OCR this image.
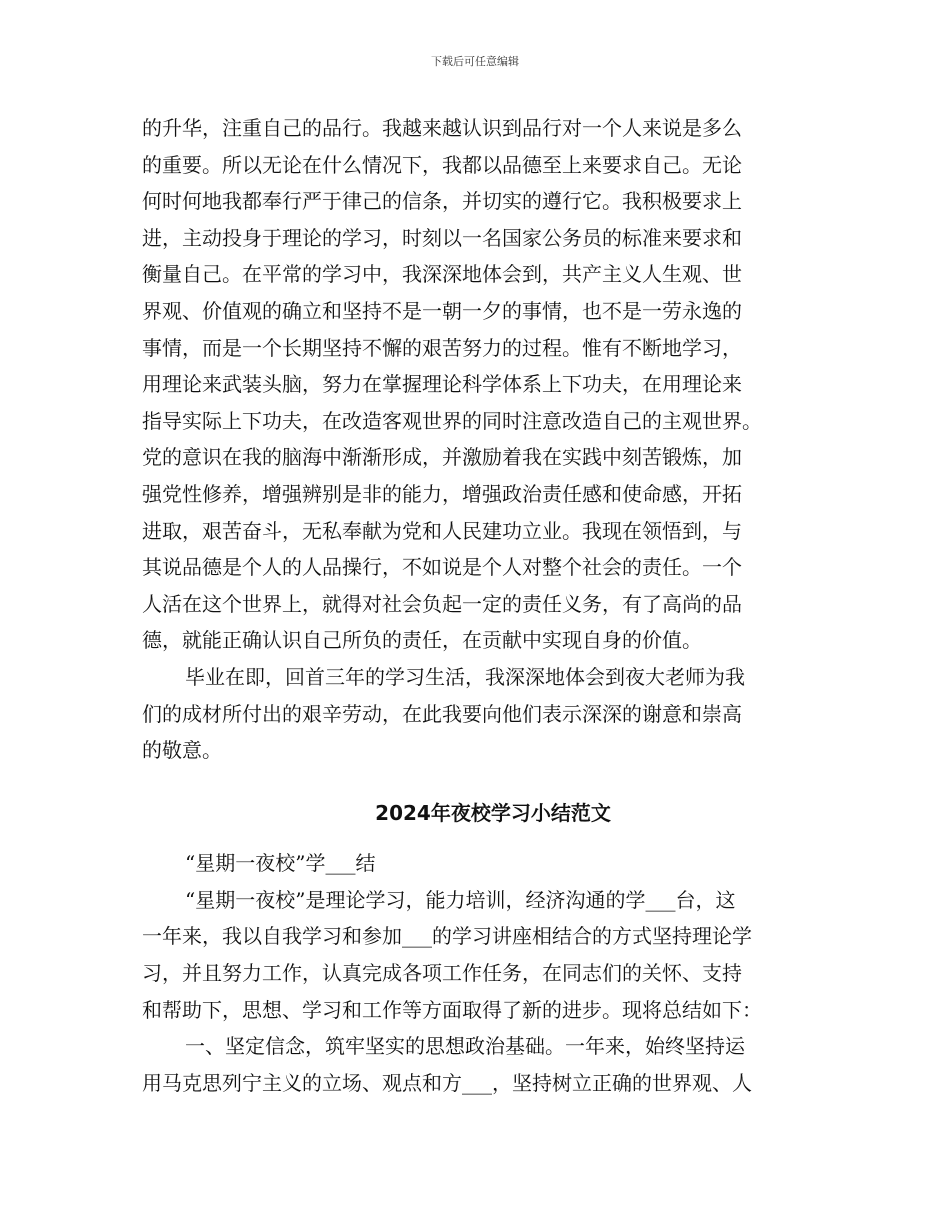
下载后可任意编辑
的升华，注重自己的品行。我越来越认识到品行对一个人来说是多么
的重要。所以无论在什么情况下，我都以品德至上来要求自己。无论
何时何地我都奉行严于律己的信条，并切实的遵行它。我积极要求上
进，主动投身于理论的学习，时刻以一名国家公务员的标准来要求和
衡量自己。在平常的学习中，我深深地体会到，共产主义人生观、世
界观、价值观的确立和坚持不是一朝一夕的事情，也不是一劳永逸的
事情，而是一个长期坚持不懈的艰苦努力的过程。惟有不断地学习，
用理论来武装头脑，努力在掌握理论科学体系上下功夫，在用理论来
指导实际上下功夫，在改造客观世界的同时注意改造自己的主观世界。
党的意识在我的脑海中渐渐形成，并激励着我在实践中刻苦锻炼，加
强党性修养，增强辨别是非的能力，增强政治责任感和使命感，开拓
进取，艰苦奋斗，无私奉献为党和人民建功立业。我现在领悟到，与
其说品德是个人的人品操行，不如说是个人对整个社会的责任。一个
人活在这个世界上，就得对社会负起一定的责任义务，有了高尚的品
德，就能正确认识自己所负的责任，在贡献中实现自身的价值。
毕业在即，回首三年的学习生活，我深深地体会到夜大老师为我
们的成材所付出的艰辛劳动，在此我要向他们表示深深的谢意和崇高
的敬意。
2024年夜校学习小结范文
“星期一夜校”学___结
“星期一夜校”是理论学习，能力培训，经济沟通的学___台，这
一年来，我以自我学习和参加___的学习讲座相结合的方式坚持理论学
习，并且努力工作，认真完成各项工作任务，在同志们的关怀、支持
和帮助下，思想、学习和工作等方面取得了新的进步。现将总结如下：
一、坚定信念，筑牢坚实的思想政治基础。一年来，始终坚持运
用马克思列宁主义的立场、观点和方___，坚持树立正确的世界观、人
